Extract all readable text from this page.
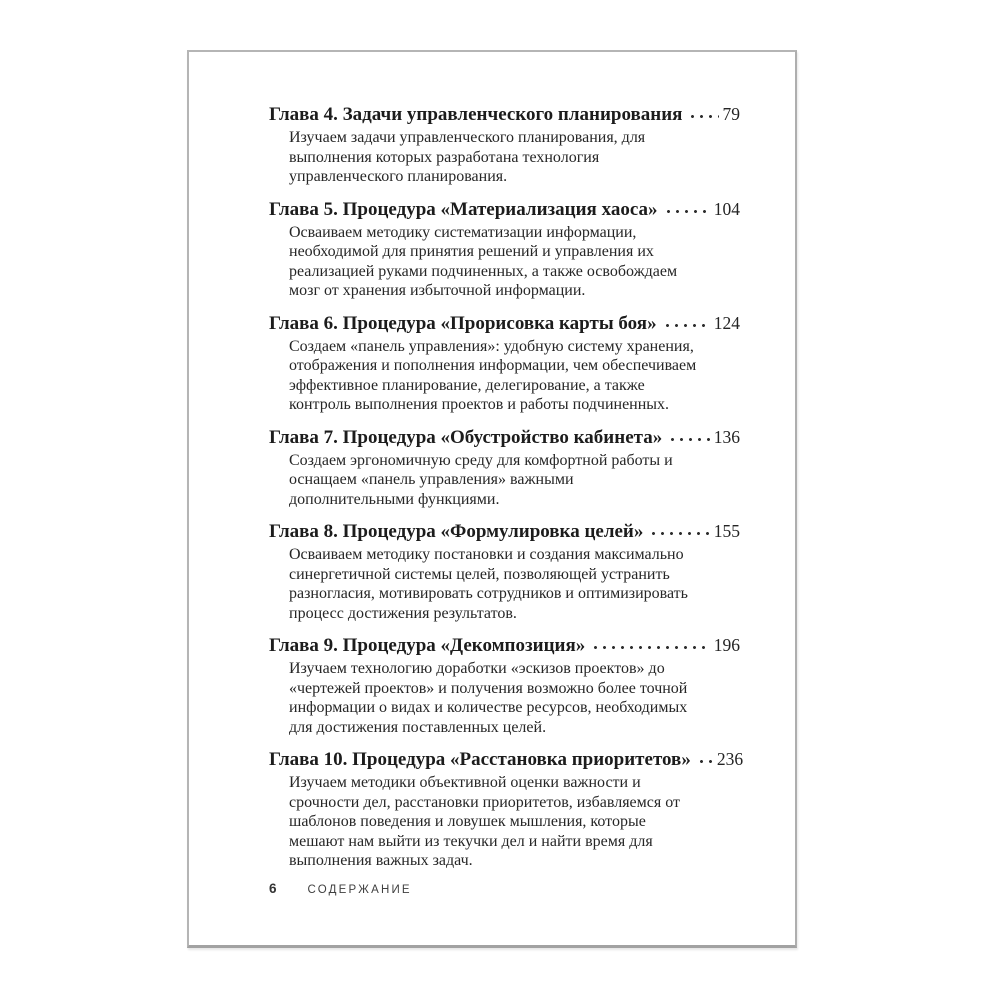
Глава 4. Задачи управленческого планирования 79
Изучаем задачи управленческого планирования, для выполнения которых разработана технология управленческого планирования.
Глава 5. Процедура «Материализация хаоса»	104
Осваиваем методику систематизации информации, необходимой для принятия решений и управления их реализацией руками подчиненных, а также освобождаем мозг от хранения избыточной информации.
Глава 6. Процедура «Прорисовка карты боя»	124
Создаем «панель управления»: удобную систему хранения, отображения и пополнения информации, чем обеспечиваем эффективное планирование, делегирование, а также контроль выполнения проектов и работы подчиненных.
Глава 7. Процедура «Обустройство кабинета»	136
Создаем эргономичную среду для комфортной работы и оснащаем «панель управления» важными дополнительными функциями.
Глава 8. Процедура «Формулировка целей»	155
Осваиваем методику постановки и создания максимально синергетичной системы целей, позволяющей устранить разногласия, мотивировать сотрудников и оптимизировать процесс достижения результатов.
Глава 9. Процедура «Декомпозиция»	196
Изучаем технологию доработки «эскизов проектов» до «чертежей проектов» и получения возможно более точной информации о видах и количестве ресурсов, необходимых для достижения поставленных целей.
Глава 10. Процедура «Расстановка приоритетов» 236
Изучаем методики объективной оценки важности и срочности дел, расстановки приоритетов, избавляемся от шаблонов поведения и ловушек мышления, которые мешают нам выйти из текучки дел и найти время для выполнения важных задач.
6	СОДЕРЖАНИЕ
